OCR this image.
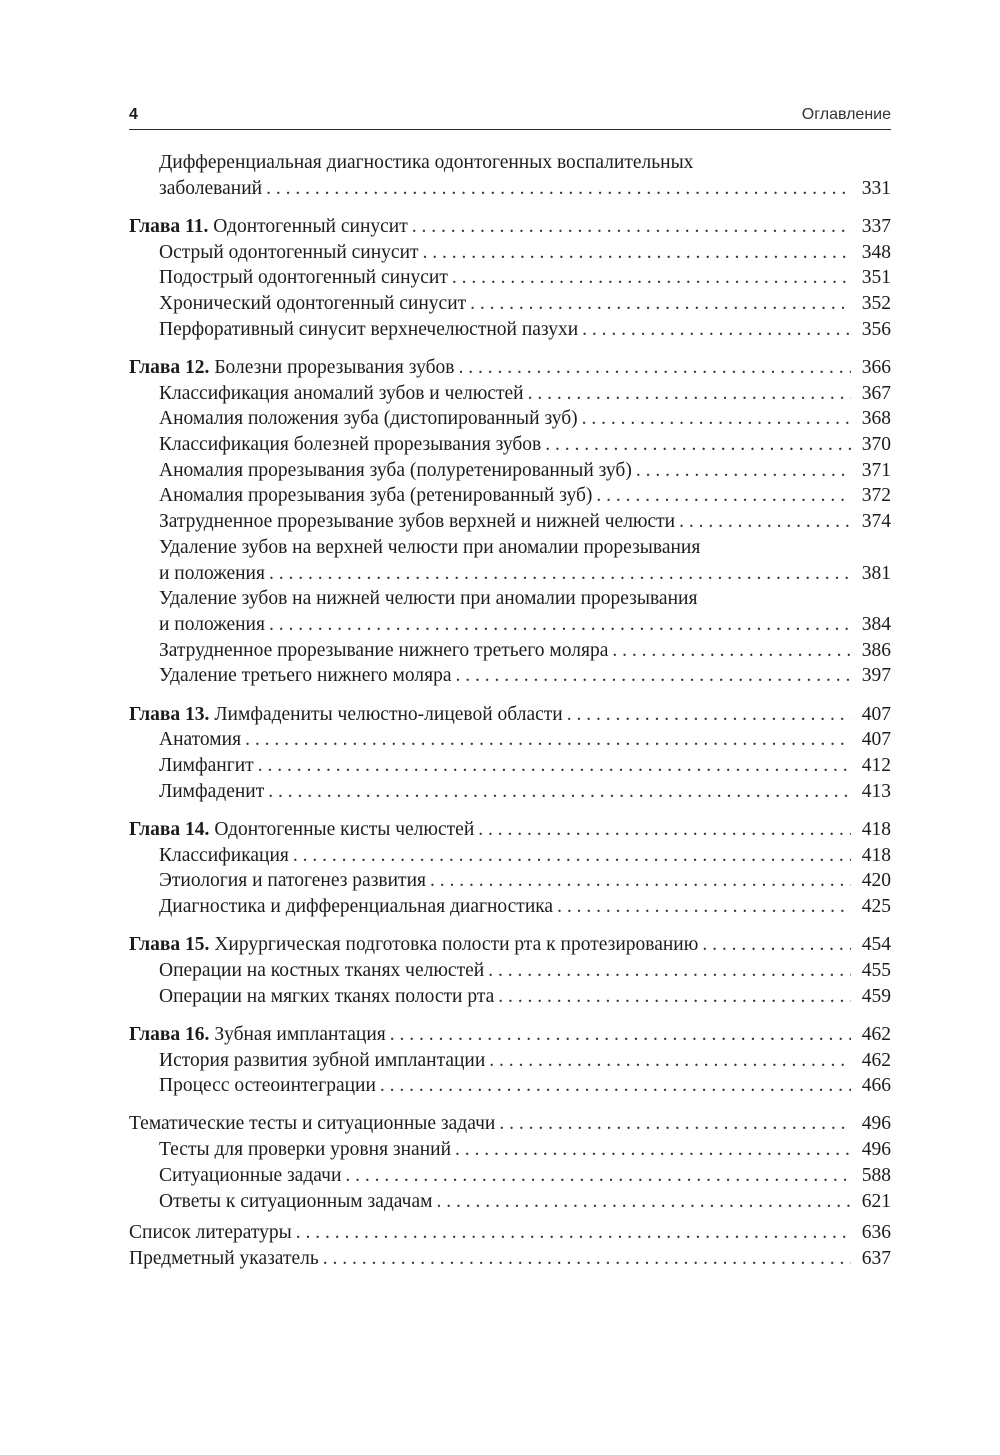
4	Оглавление
Дифференциальная диагностика одонтогенных воспалительных
заболеваний . . .	331
Глава 11. Одонтогенный синусит . . .	337
Острый одонтогенный синусит . . .	348
Подострый одонтогенный синусит . . .	351
Хронический одонтогенный синусит . . .	352
Перфоративный синусит верхнечелюстной пазухи . . .	356
Глава 12. Болезни прорезывания зубов . . .	366
Классификация аномалий зубов и челюстей . . .	367
Аномалия положения зуба (дистопированный зуб) . . .	368
Классификация болезней прорезывания зубов . . .	370
Аномалия прорезывания зуба (полуретенированный зуб) . . .	371
Аномалия прорезывания зуба (ретенированный зуб) . . .	372
Затрудненное прорезывание зубов верхней и нижней челюсти . . .	374
Удаление зубов на верхней челюсти при аномалии прорезывания
и положения . . .	381
Удаление зубов на нижней челюсти при аномалии прорезывания
и положения . . .	384
Затрудненное прорезывание нижнего третьего моляра . . .	386
Удаление третьего нижнего моляра . . .	397
Глава 13. Лимфадениты челюстно-лицевой области . . .	407
Анатомия . . .	407
Лимфангит . . .	412
Лимфаденит . . .	413
Глава 14. Одонтогенные кисты челюстей . . .	418
Классификация . . .	418
Этиология и патогенез развития . . .	420
Диагностика и дифференциальная диагностика . . .	425
Глава 15. Хирургическая подготовка полости рта к протезированию . . .	454
Операции на костных тканях челюстей . . .	455
Операции на мягких тканях полости рта . . .	459
Глава 16. Зубная имплантация . . .	462
История развития зубной имплантации . . .	462
Процесс остеоинтеграции . . .	466
Тематические тесты и ситуационные задачи . . .	496
Тесты для проверки уровня знаний . . .	496
Ситуационные задачи . . .	588
Ответы к ситуационным задачам . . .	621
Список литературы . . .	636
Предметный указатель . . .	637
